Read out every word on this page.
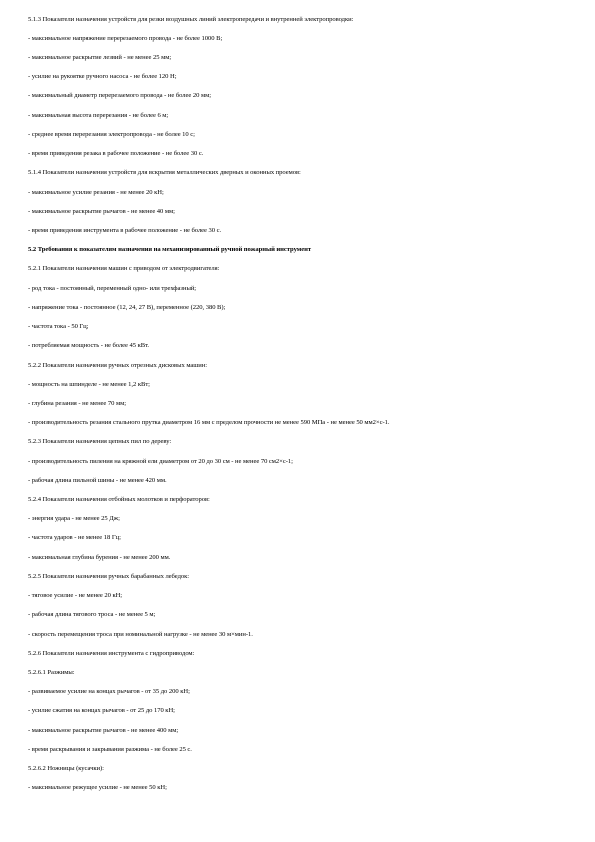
5.1.3 Показатели назначения устройств для резки воздушных линий электропередачи и внутренней электропроводки:
- максимальное напряжение перерезаемого провода - не более 1000 В;
- максимальное раскрытие лезвий - не менее 25 мм;
- усилие на рукоятке ручного насоса - не более 120 Н;
- максимальный диаметр перерезаемого провода - не более 20 мм;
- максимальная высота перерезания - не более 6 м;
- среднее время перерезания электропровода - не более 10 с;
- время приведения резака в рабочее положение - не более 30 с.
5.1.4 Показатели назначения устройств для вскрытия металлических дверных и оконных проемов:
- максимальное усилие резания - не менее 20 кН;
- максимальное раскрытие рычагов - не менее 40 мм;
- время приведения инструмента в рабочее положение - не более 30 с.
5.2 Требования к показателям назначения на механизированный ручной пожарный инструмент
5.2.1 Показатели назначения машин с приводом от электродвигателя:
- род тока - постоянный, переменный одно- или трехфазный;
- напряжение тока - постоянное (12, 24, 27 В), переменное (220, 380 В);
- частота тока - 50 Гц;
- потребляемая мощность - не более 45 кВт.
5.2.2 Показатели назначения ручных отрезных дисковых машин:
- мощность на шпинделе - не менее 1,2 кВт;
- глубина резания - не менее 70 мм;
- производительность резания стального прутка диаметром 16 мм с пределом прочности не менее 590 МПа - не менее 50 мм2×с-1.
5.2.3 Показатели назначения цепных пил по дереву:
- производительность пиления на кряжной ели диаметром от 20 до 30 см - не менее 70 см2×с-1;
- рабочая длина пильной шины - не менее 420 мм.
5.2.4 Показатели назначения отбойных молотков и перфораторов:
- энергия удара - не менее 25 Дж;
- частота ударов - не менее 18 Гц;
- максимальная глубина бурения - не менее 200 мм.
5.2.5 Показатели назначения ручных барабанных лебедок:
- тяговое усилие - не менее 20 кН;
- рабочая длина тягового троса - не менее 5 м;
- скорость перемещения троса при номинальной нагрузке - не менее 30 м×мин-1.
5.2.6 Показатели назначения инструмента с гидроприводом:
5.2.6.1 Разжимы:
- развиваемое усилие на концах рычагов - от 35 до 200 кН;
- усилие сжатия на концах рычагов - от 25 до 170 кН;
- максимальное раскрытие рычагов - не менее 400 мм;
- время раскрывания и закрывания разжима - не более 25 с.
5.2.6.2 Ножницы (кусачки):
- максимальное режущее усилие - не менее 50 кН;
